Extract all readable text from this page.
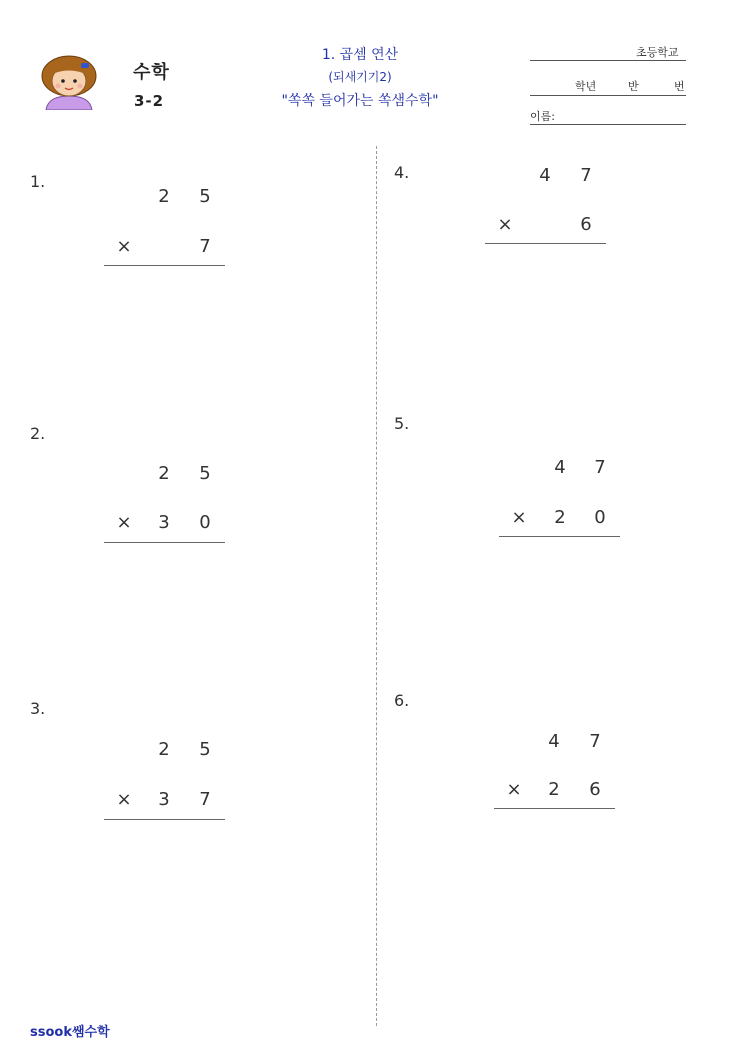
수학
3-2
1. 곱셈 연산
(되새기기2)
"쏙쏙 들어가는 쏙샘수학"
초등학교
학년	반	번
이름:
1.
2 5
×	7
2.
2 5
× 3 0
3.
2 5
× 3 7
4.	4 7
×	6
5.
4 7
× 2 0
6.
4 7
× 2 6
ssook쌤수학
